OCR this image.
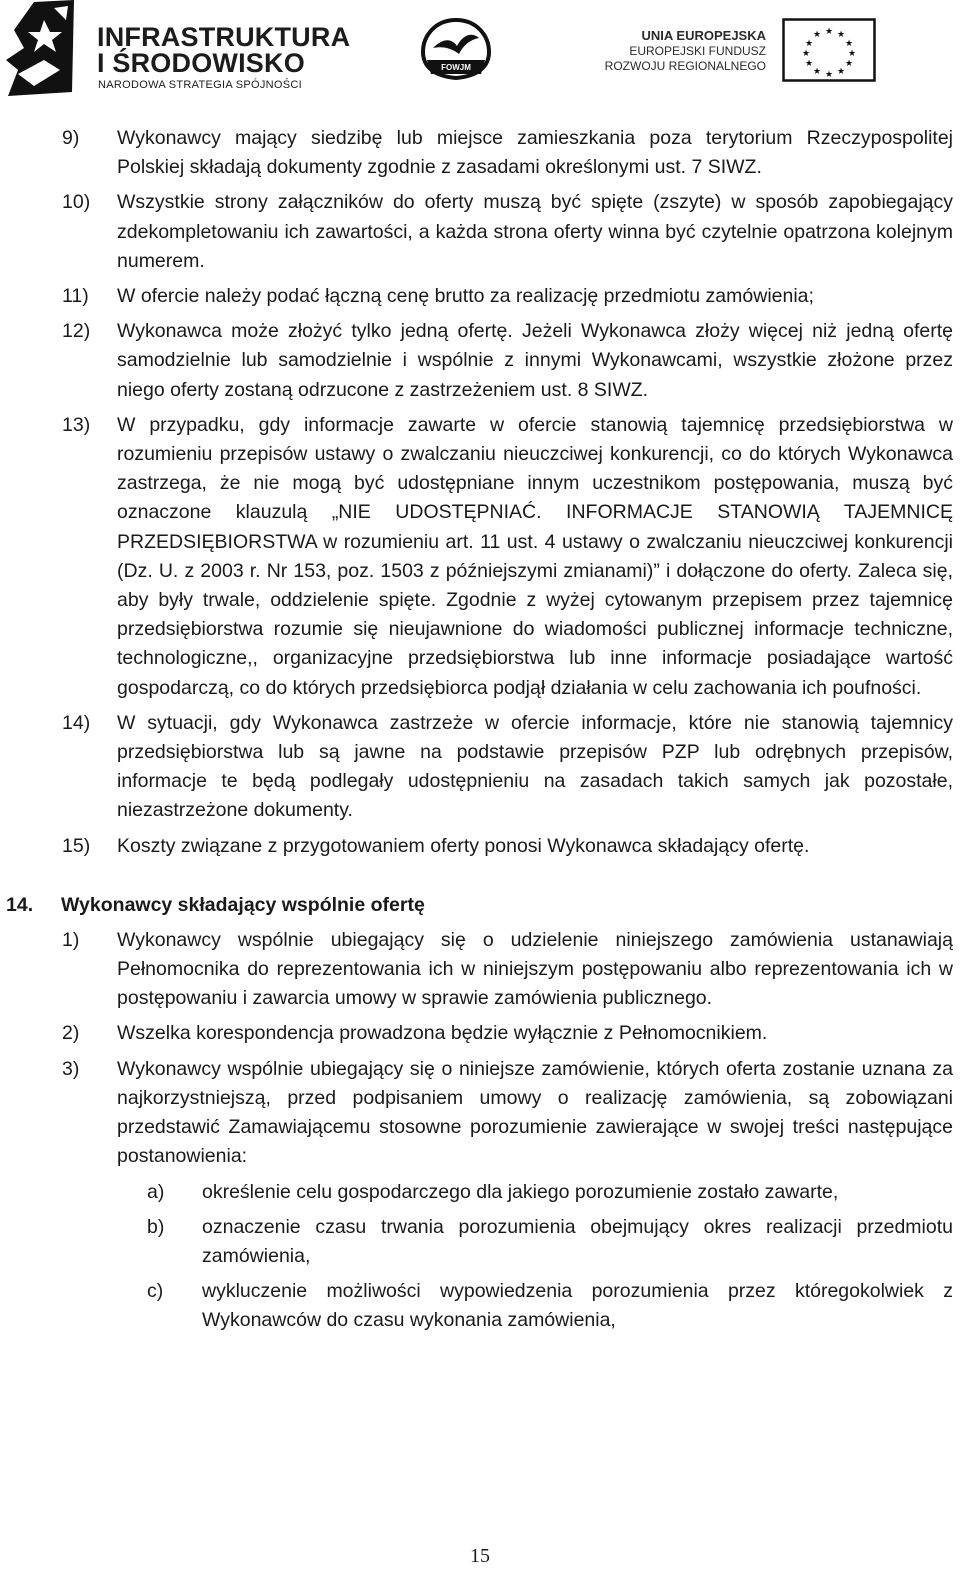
INFRASTRUKTURA
I ŚRODOWISKO
NARODOWA STRATEGIA SPÓJNOŚCI
FOWJM
UNIA EUROPEJSKA
EUROPEJSKI FUNDUSZ
ROZWOJU REGIONALNEGO
★ ★
★
★
★
★
★
★
★
★
★
★
9) Wykonawcy mający siedzibę lub miejsce zamieszkania poza terytorium Rzeczypospolitej Polskiej składają dokumenty zgodnie z zasadami określonymi ust. 7 SIWZ.
10) Wszystkie strony załączników do oferty muszą być spięte (zszyte) w sposób zapobiegający zdekompletowaniu ich zawartości, a każda strona oferty winna być czytelnie opatrzona kolejnym numerem.
11) W ofercie należy podać łączną cenę brutto za realizację przedmiotu zamówienia;
12) Wykonawca może złożyć tylko jedną ofertę. Jeżeli Wykonawca złoży więcej niż jedną ofertę samodzielnie lub samodzielnie i wspólnie z innymi Wykonawcami, wszystkie złożone przez niego oferty zostaną odrzucone z zastrzeżeniem ust. 8 SIWZ.
13) W przypadku, gdy informacje zawarte w ofercie stanowią tajemnicę przedsiębiorstwa w rozumieniu przepisów ustawy o zwalczaniu nieuczciwej konkurencji, co do których Wykonawca zastrzega, że nie mogą być udostępniane innym uczestnikom postępowania, muszą być oznaczone klauzulą „NIE UDOSTĘPNIAĆ. INFORMACJE STANOWIĄ TAJEMNICĘ PRZEDSIĘBIORSTWA w rozumieniu art. 11 ust. 4 ustawy o zwalczaniu nieuczciwej konkurencji (Dz. U. z 2003 r. Nr 153, poz. 1503 z późniejszymi zmianami)” i dołączone do oferty. Zaleca się, aby były trwale, oddzielenie spięte. Zgodnie z wyżej cytowanym przepisem przez tajemnicę przedsiębiorstwa rozumie się nieujawnione do wiadomości publicznej informacje techniczne, technologiczne,, organizacyjne przedsiębiorstwa lub inne informacje posiadające wartość gospodarczą, co do których przedsiębiorca podjął działania w celu zachowania ich poufności.
14) W sytuacji, gdy Wykonawca zastrzeże w ofercie informacje, które nie stanowią tajemnicy przedsiębiorstwa lub są jawne na podstawie przepisów PZP lub odrębnych przepisów, informacje te będą podlegały udostępnieniu na zasadach takich samych jak pozostałe, niezastrzeżone dokumenty.
15) Koszty związane z przygotowaniem oferty ponosi Wykonawca składający ofertę.
14. Wykonawcy składający wspólnie ofertę
1) Wykonawcy wspólnie ubiegający się o udzielenie niniejszego zamówienia ustanawiają Pełnomocnika do reprezentowania ich w niniejszym postępowaniu albo reprezentowania ich w postępowaniu i zawarcia umowy w sprawie zamówienia publicznego.
2) Wszelka korespondencja prowadzona będzie wyłącznie z Pełnomocnikiem.
3) Wykonawcy wspólnie ubiegający się o niniejsze zamówienie, których oferta zostanie uznana za najkorzystniejszą, przed podpisaniem umowy o realizację zamówienia, są zobowiązani przedstawić Zamawiającemu stosowne porozumienie zawierające w swojej treści następujące postanowienia:
a) określenie celu gospodarczego dla jakiego porozumienie zostało zawarte,
b) oznaczenie czasu trwania porozumienia obejmujący okres realizacji przedmiotu zamówienia,
c) wykluczenie możliwości wypowiedzenia porozumienia przez któregokolwiek z Wykonawców do czasu wykonania zamówienia,
15
